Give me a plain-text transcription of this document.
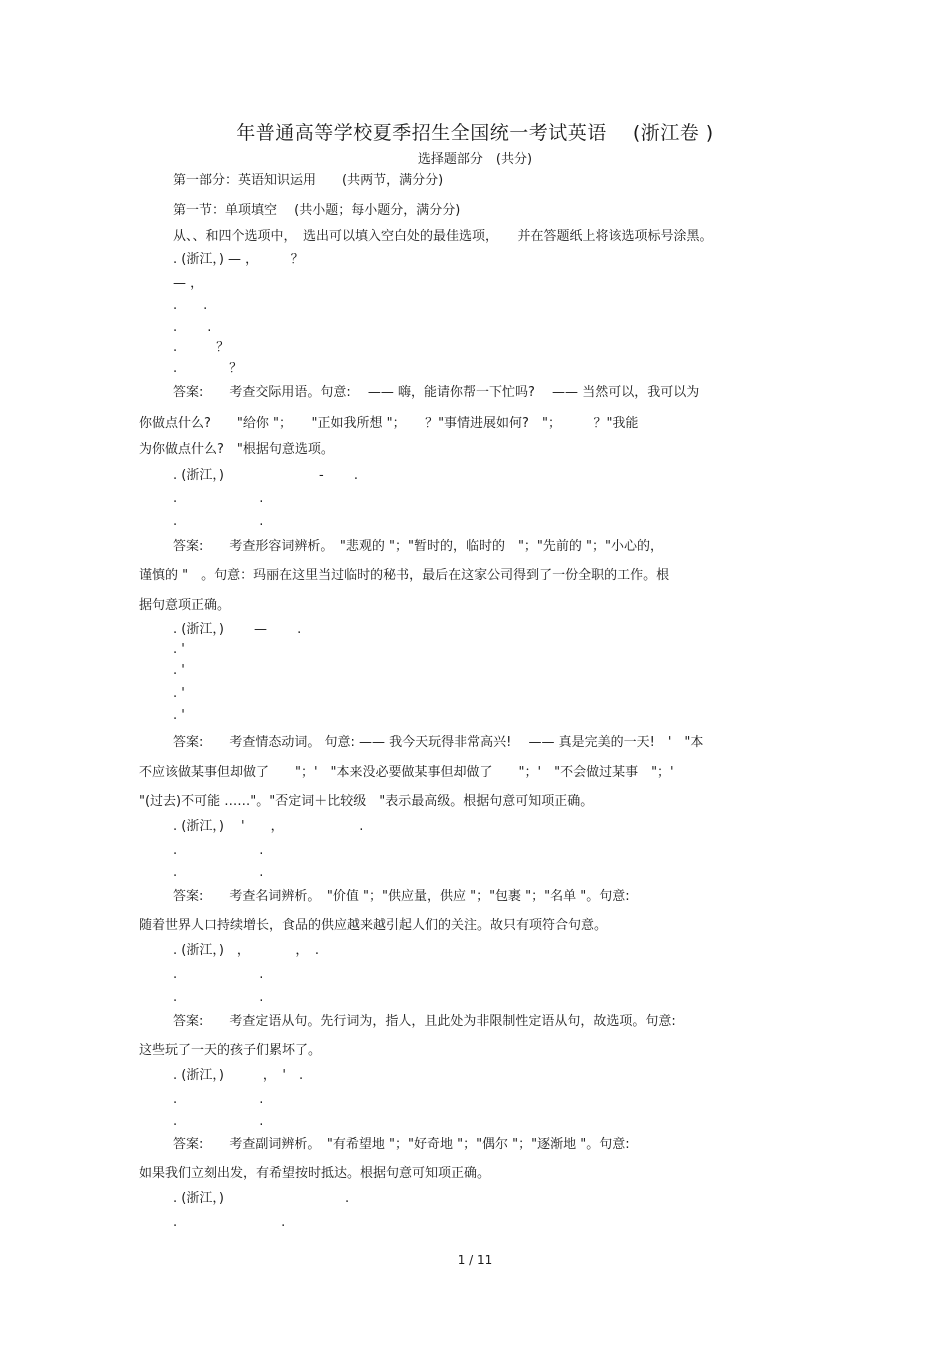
年普通高等学校夏季招生全国统一考试英语　 (浙江卷 )
选择题部分　(共分)
第一部分：英语知识运用　　(共两节，满分分)
第一节：单项填空　 (共小题；每小题分，满分分)
从、、和四个选项中，　选出可以填入空白处的最佳选项，　　并在答题纸上将该选项标号涂黑。
. (浙江，) — ，　　　？
— ，
.　　.
.　　 .
.　　　？
.　　　　？
答案:　　考查交际用语。句意:　 —— 嗨，能请你帮一下忙吗?　 —— 当然可以，我可以为
你做点什么?　　"给你 "；　　"正如我所想 "；　　？"事情进展如何?　"；　　　？"我能
为你做点什么?　"根据句意选项。
. (浙江，)　　　　　　　 -　　 .
.　　　　　　 .
.　　　　　　 .
答案:　　考查形容词辨析。　"悲观的 "；"暂时的，临时的　"；"先前的 "；"小心的，
谨慎的 "　。句意：玛丽在这里当过临时的秘书，最后在这家公司得到了一份全职的工作。根
据句意项正确。
. (浙江，)　　 —　　 .
. '
. '
. '
. '
答案:　　考查情态动词。 句意: —— 我今天玩得非常高兴!　 —— 真是完美的一天!　'　"本
不应该做某事但却做了　　"；'　"本来没必要做某事但却做了　　"；'　"不会做过某事　"；'
"(过去)不可能 ……"。"否定词＋比较级　"表示最高级。根据句意可知项正确。
. (浙江，)　 '　　，　　　　　　 .
.　　　　　　 .
.　　　　　　 .
答案:　　考查名词辨析。　"价值 "；"供应量，供应 "；"包裹 "；"名单 "。句意:
随着世界人口持续增长，食品的供应越来越引起人们的关注。故只有项符合句意。
. (浙江，)　，　　　　，　.
.　　　　　　 .
.　　　　　　 .
答案:　　考查定语从句。先行词为，指人，且此处为非限制性定语从句，故选项。句意:
这些玩了一天的孩子们累坏了。
. (浙江，)　　　，　'　.
.　　　　　　 .
.　　　　　　 .
答案:　　考查副词辨析。　"有希望地 "；"好奇地 "；"偶尔 "；"逐渐地 "。句意:
如果我们立刻出发，有希望按时抵达。根据句意可知项正确。
. (浙江，)　　　　　　　　　 .
.　　　　　　　　.
1 / 11
